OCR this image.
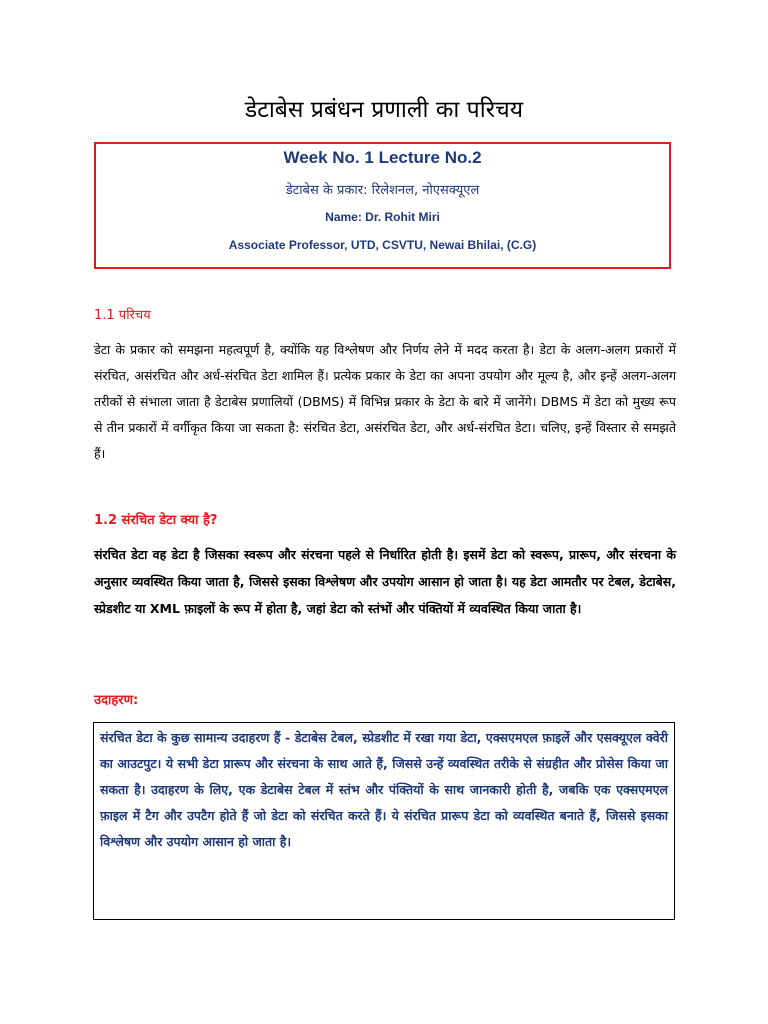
डेटाबेस प्रबंधन प्रणाली का परिचय
Week No. 1 Lecture No.2
डेटाबेस के प्रकार: रिलेशनल, नोएसक्यूएल
Name: Dr. Rohit Miri
Associate Professor, UTD, CSVTU, Newai Bhilai, (C.G)
1.1 परिचय
डेटा के प्रकार को समझना महत्वपूर्ण है, क्योंकि यह विश्लेषण और निर्णय लेने में मदद करता है। डेटा के अलग-अलग प्रकारों में संरचित, असंरचित और अर्ध-संरचित डेटा शामिल हैं। प्रत्येक प्रकार के डेटा का अपना उपयोग और मूल्य है, और इन्हें अलग-अलग तरीकों से संभाला जाता है डेटाबेस प्रणालियों (DBMS) में विभिन्न प्रकार के डेटा के बारे में जानेंगे। DBMS में डेटा को मुख्य रूप से तीन प्रकारों में वर्गीकृत किया जा सकता है: संरचित डेटा, असंरचित डेटा, और अर्ध-संरचित डेटा। चलिए, इन्हें विस्तार से समझते हैं।
1.2 संरचित डेटा क्या है?
संरचित डेटा वह डेटा है जिसका स्वरूप और संरचना पहले से निर्धारित होती है। इसमें डेटा को स्वरूप, प्रारूप, और संरचना के अनुसार व्यवस्थित किया जाता है, जिससे इसका विश्लेषण और उपयोग आसान हो जाता है। यह डेटा आमतौर पर टेबल, डेटाबेस, स्प्रेडशीट या XML फ़ाइलों के रूप में होता है, जहां डेटा को स्तंभों और पंक्तियों में व्यवस्थित किया जाता है।
उदाहरण:
संरचित डेटा के कुछ सामान्य उदाहरण हैं - डेटाबेस टेबल, स्प्रेडशीट में रखा गया डेटा, एक्सएमएल फ़ाइलें और एसक्यूएल क्वेरी का आउटपुट। ये सभी डेटा प्रारूप और संरचना के साथ आते हैं, जिससे उन्हें व्यवस्थित तरीके से संग्रहीत और प्रोसेस किया जा सकता है। उदाहरण के लिए, एक डेटाबेस टेबल में स्तंभ और पंक्तियों के साथ जानकारी होती है, जबकि एक एक्सएमएल फ़ाइल में टैग और उपटैग होते हैं जो डेटा को संरचित करते हैं। ये संरचित प्रारूप डेटा को व्यवस्थित बनाते हैं, जिससे इसका विश्लेषण और उपयोग आसान हो जाता है।
